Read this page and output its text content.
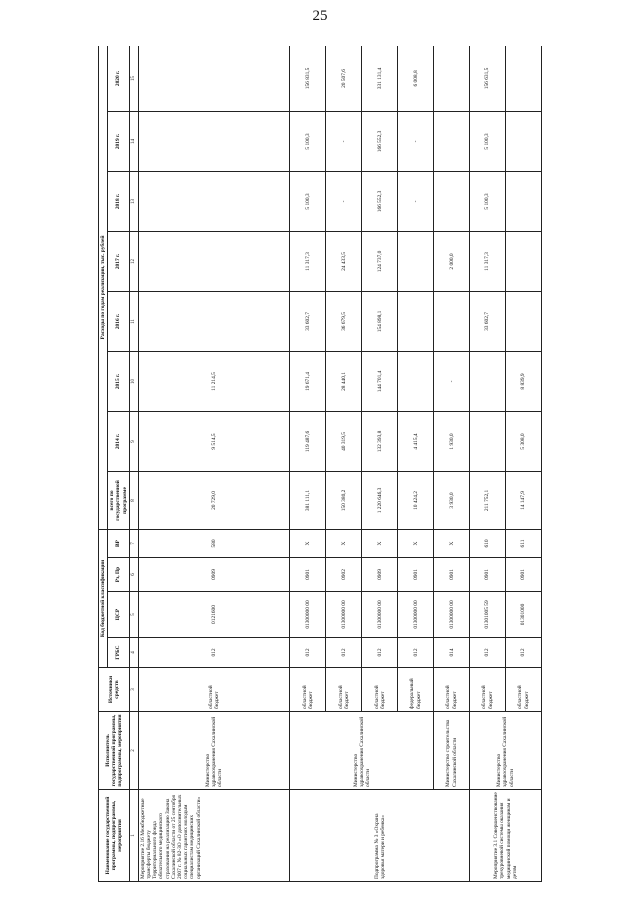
25
Наименование государственной программы, подпрограммы, мероприятия	Исполнитель государственной программы, подпрограммы, мероприятия	Источники средств	Код бюджетной классификации				Расходы по годам реализации, тыс. рублей							
			ГРБС	ЦСР	Рз, Пр	ВР	всего по государственной программе	2014 г.	2015 г.	2016 г.	2017 г.	2018 г.	2019 г.	2020 г.
1	2	3	4	5	6	7	8	9	10	11	12	13	14	15
Мероприятие 2.16 Межбюджетные трансферты бюджету Территориального фонда обязательного медицинского страхования на реализацию Закона Сахалинской области от 25 сентября 2007 г. № 82-ЗО «О дополнительных социальных гарантиях молодым специалистам медицинских организаций Сахалинской области»	Министерство здравоохранения Сахалинской области	областной бюджет	012	0121600	0909	580	20 729,0	9 514,5	11 214,5					
Подпрограмма № 3 «Охрана здоровья матери и ребенка»	Министерство здравоохранения Сахалинской области	областной бюджет	012	01300000 00	0901	X	381 111,1	119 487,6	19 671,4	33 602,7	11 317,3	5 100,3	5 100,3	156 831,5
		областной бюджет	012	01300000 00	0902	X	150 380,2	40 319,5	28 440,1	36 679,5	24 433,5	-	-	20 507,6
		областной бюджет	012	01300000 00	0909	X	1 220 646,3	132 393,8	144 701,4	154 898,1	124 737,0	166 552,3	166 552,3	331 131,4
		федеральный бюджет	012	01300000 00	0901	X	10 424,2	4 415,4				-	-	6 008,8
	Министерство строительства Сахалинской области	областной бюджет	014	01300000 00	0901	X	3 930,0	1 930,0	-		2 000,0			
Мероприятие 3.1 Совершенствование трехуровневой системы оказания медицинской помощи женщинам и детям	Министерство здравоохранения Сахалинской области	областной бюджет	012	01301005 59	0901	610	211 752,1			33 602,7	11 317,3	5 100,3	5 100,3	156 631,5
		областной бюджет	012	01301000	0901	611	14 147,9	5 308,0	8 839,9					
